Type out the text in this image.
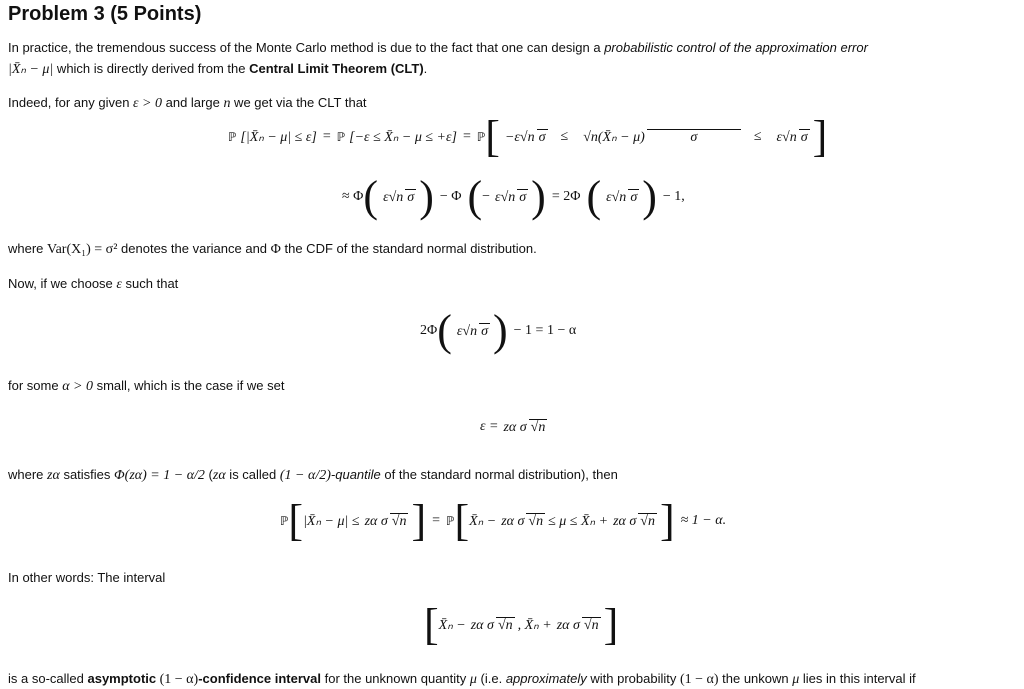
Problem 3 (5 Points)
In practice, the tremendous success of the Monte Carlo method is due to the fact that one can design a probabilistic control of the approximation error
|X̄ₙ − μ| which is directly derived from the Central Limit Theorem (CLT).
Indeed, for any given ε > 0 and large n we get via the CLT that
ℙ [|X̄ₙ − μ| ≤ ε] = ℙ [−ε ≤ X̄ₙ − μ ≤ +ε] = ℙ [ −ε√n σ ≤ √n(X̄ₙ − μ)	σ	≤ ε√n σ ]
≈ Φ ( ε√n σ ) − Φ ( − ε√n σ ) = 2Φ ( ε√n σ ) − 1,
where Var(X₁) = σ² denotes the variance and Φ the CDF of the standard normal distribution.
Now, if we choose ε such that
2Φ ( ε√n σ ) − 1 = 1 − α
for some α > 0 small, which is the case if we set
ε = zα σ √n
where zα satisfies Φ(zα) = 1 − α/2 (zα is called (1 − α/2)-quantile of the standard normal distribution), then
ℙ [ |X̄ₙ − μ| ≤ zα σ √n ] = ℙ [ X̄ₙ − zα σ √n ≤ μ ≤ X̄ₙ + zα σ √n ] ≈ 1 − α.
In other words: The interval
[ X̄ₙ − zα σ √n , X̄ₙ + zα σ √n ]
is a so-called asymptotic (1 − α)-confidence interval for the unknown quantity μ (i.e. approximately with probability (1 − α) the unkown μ lies in this interval if
